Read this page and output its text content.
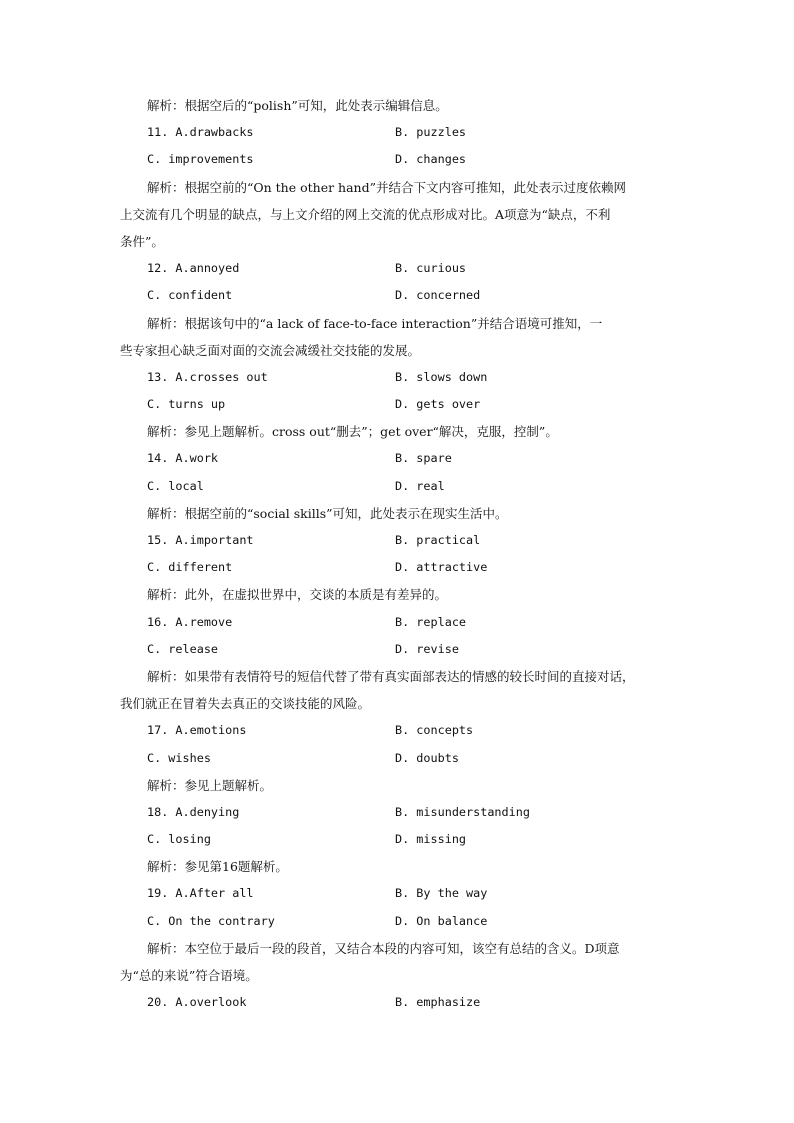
解析：根据空后的“polish”可知，此处表示编辑信息。
11. A.drawbacks	B. puzzles
C. improvements	D. changes
解析：根据空前的“On the other hand”并结合下文内容可推知，此处表示过度依赖网
上交流有几个明显的缺点，与上文介绍的网上交流的优点形成对比。A项意为“缺点，不利
条件”。
12. A.annoyed	B. curious
C. confident	D. concerned
解析：根据该句中的“a lack of face-to-face interaction”并结合语境可推知，一
些专家担心缺乏面对面的交流会减缓社交技能的发展。
13. A.crosses out	B. slows down
C. turns up	D. gets over
解析：参见上题解析。cross out“删去”；get over“解决，克服，控制”。
14. A.work	B. spare
C. local	D. real
解析：根据空前的“social skills”可知，此处表示在现实生活中。
15. A.important	B. practical
C. different	D. attractive
解析：此外，在虚拟世界中，交谈的本质是有差异的。
16. A.remove	B. replace
C. release	D. revise
解析：如果带有表情符号的短信代替了带有真实面部表达的情感的较长时间的直接对话，
我们就正在冒着失去真正的交谈技能的风险。
17. A.emotions	B. concepts
C. wishes	D. doubts
解析：参见上题解析。
18. A.denying	B. misunderstanding
C. losing	D. missing
解析：参见第16题解析。
19. A.After all	B. By the way
C. On the contrary	D. On balance
解析：本空位于最后一段的段首，又结合本段的内容可知，该空有总结的含义。D项意
为“总的来说”符合语境。
20. A.overlook	B. emphasize
